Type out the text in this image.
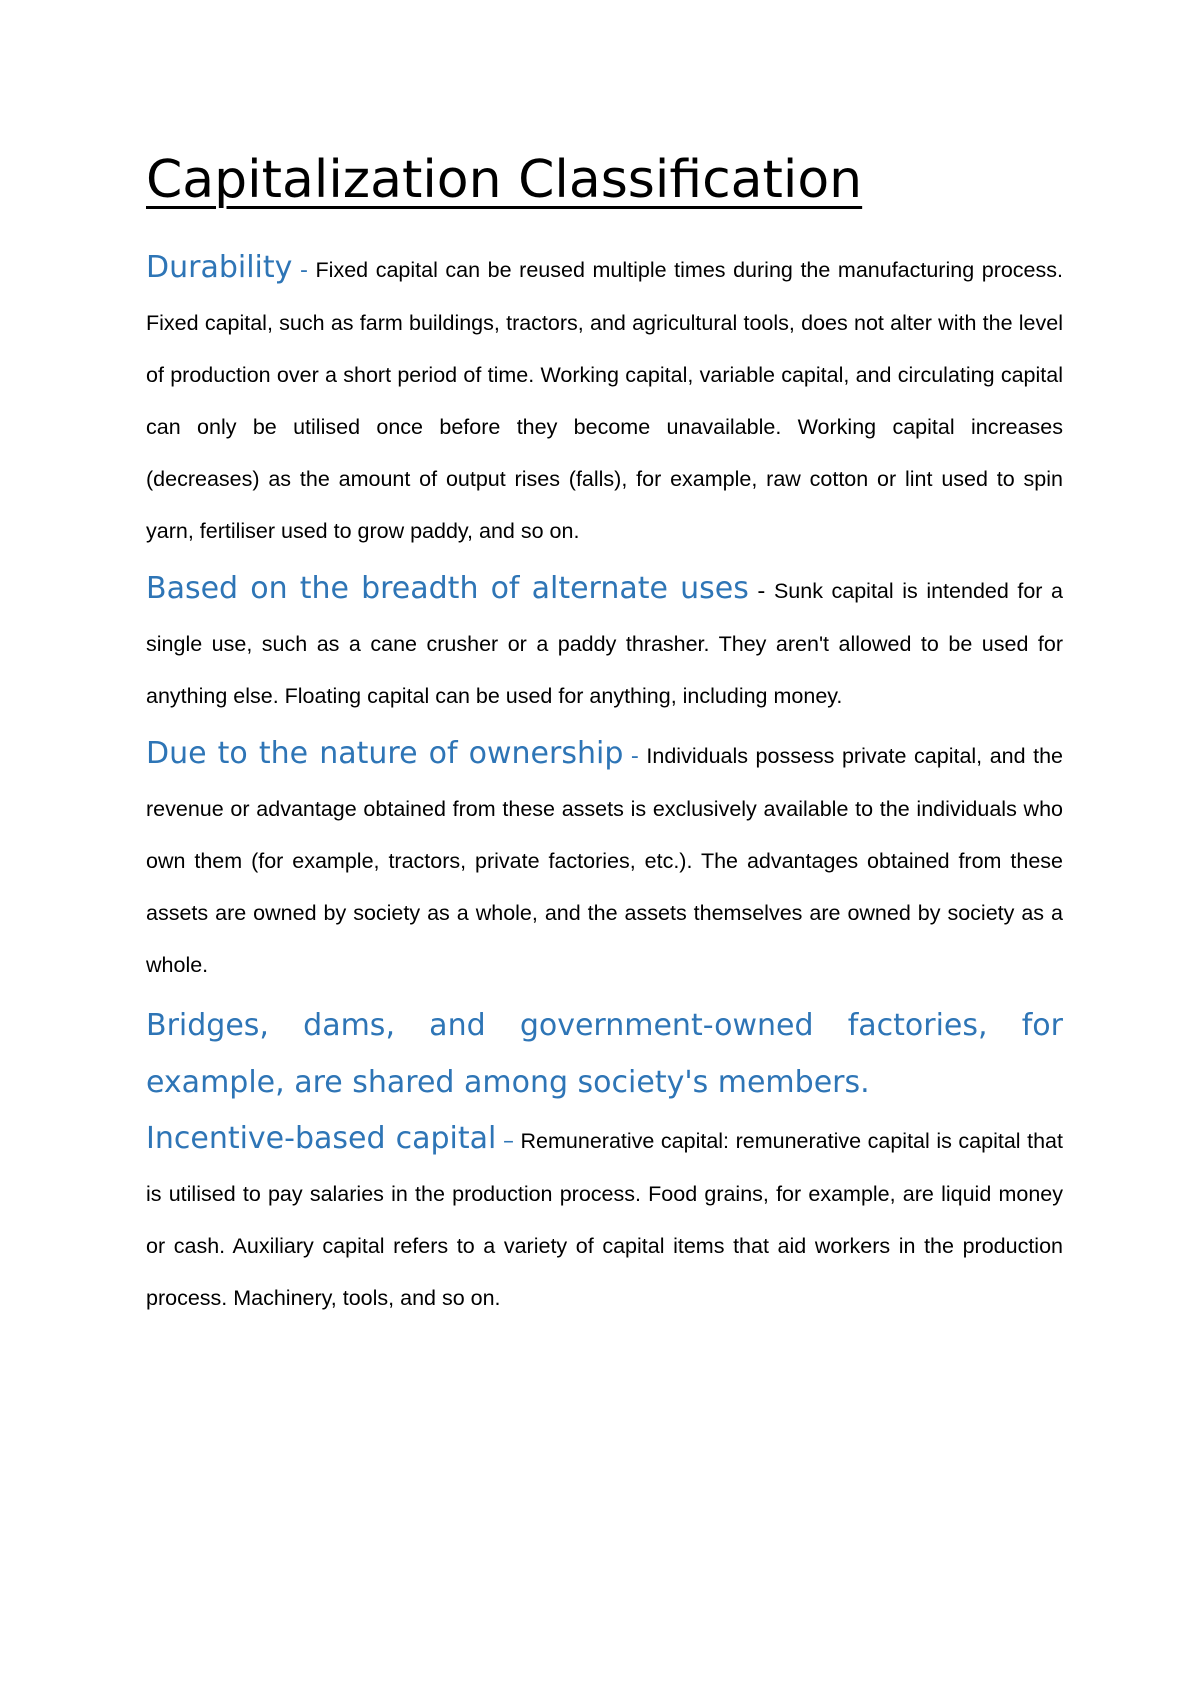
Capitalization Classification

Durability - Fixed capital can be reused multiple times during the manufacturing process. Fixed capital, such as farm buildings, tractors, and agricultural tools, does not alter with the level of production over a short period of time. Working capital, variable capital, and circulating capital can only be utilised once before they become unavailable. Working capital increases (decreases) as the amount of output rises (falls), for example, raw cotton or lint used to spin yarn, fertiliser used to grow paddy, and so on.

Based on the breadth of alternate uses - Sunk capital is intended for a single use, such as a cane crusher or a paddy thrasher. They aren't allowed to be used for anything else. Floating capital can be used for anything, including money.

Due to the nature of ownership - Individuals possess private capital, and the revenue or advantage obtained from these assets is exclusively available to the individuals who own them (for example, tractors, private factories, etc.). The advantages obtained from these assets are owned by society as a whole, and the assets themselves are owned by society as a whole.

Bridges, dams, and government-owned factories, for example, are shared among society's members.

Incentive-based capital – Remunerative capital: remunerative capital is capital that is utilised to pay salaries in the production process. Food grains, for example, are liquid money or cash. Auxiliary capital refers to a variety of capital items that aid workers in the production process. Machinery, tools, and so on.
